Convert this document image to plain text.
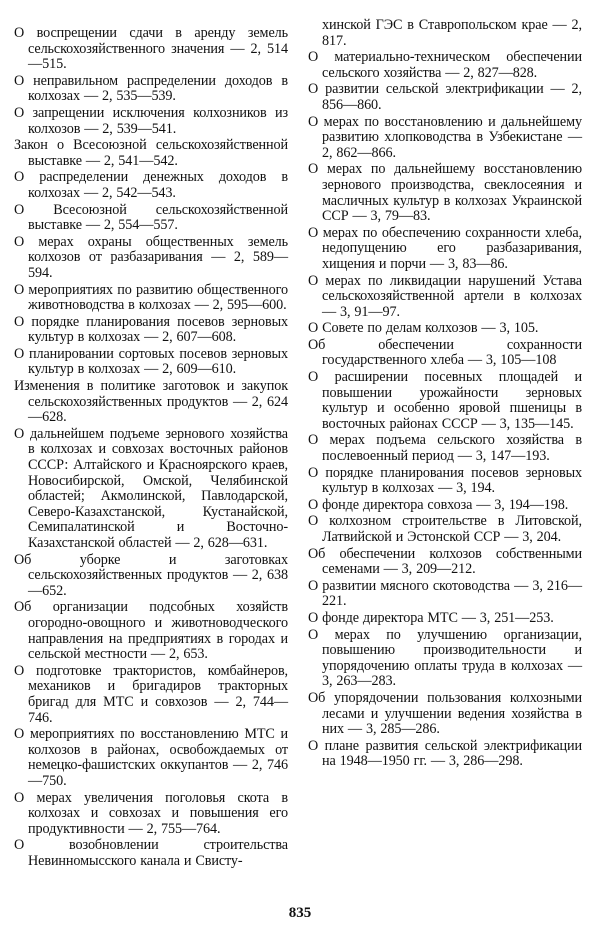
О воспрещении сдачи в аренду земель сельскохозяйственного значения — 2, 514—515.

О неправильном распределении доходов в колхозах — 2, 535—539.

О запрещении исключения колхозников из колхозов — 2, 539—541.

Закон о Всесоюзной сельскохозяйственной выставке — 2, 541—542.

О распределении денежных доходов в колхозах — 2, 542—543.

О Всесоюзной сельскохозяйственной выставке — 2, 554—557.

О мерах охраны общественных земель колхозов от разбазаривания — 2, 589—594.

О мероприятиях по развитию общественного животноводства в колхозах — 2, 595—600.

О порядке планирования посевов зерновых культур в колхозах — 2, 607—608.

О планировании сортовых посевов зерновых культур в колхозах — 2, 609—610.

Изменения в политике заготовок и закупок сельскохозяйственных продуктов — 2, 624—628.

О дальнейшем подъеме зернового хозяйства в колхозах и совхозах восточных районов СССР: Алтайского и Красноярского краев, Новосибирской, Омской, Челябинской областей; Акмолинской, Павлодарской, Северо-Казахстанской, Кустанайской, Семипалатинской и Восточно-Казахстанской областей — 2, 628—631.

Об уборке и заготовках сельскохозяйственных продуктов — 2, 638—652.

Об организации подсобных хозяйств огородно-овощного и животноводческого направления на предприятиях в городах и сельской местности — 2, 653.

О подготовке трактористов, комбайнеров, механиков и бригадиров тракторных бригад для МТС и совхозов — 2, 744—746.

О мероприятиях по восстановлению МТС и колхозов в районах, освобождаемых от немецко-фашистских оккупантов — 2, 746—750.

О мерах увеличения поголовья скота в колхозах и совхозах и повышения его продуктивности — 2, 755—764.

О возобновлении строительства Невинномысского канала и Свисту-

хинской ГЭС в Ставропольском крае — 2, 817.

О материально-техническом обеспечении сельского хозяйства — 2, 827—828.

О развитии сельской электрификации — 2, 856—860.

О мерах по восстановлению и дальнейшему развитию хлопководства в Узбекистане — 2, 862—866.

О мерах по дальнейшему восстановлению зернового производства, свеклосеяния и масличных культур в колхозах Украинской ССР — 3, 79—83.

О мерах по обеспечению сохранности хлеба, недопущению его разбазаривания, хищения и порчи — 3, 83—86.

О мерах по ликвидации нарушений Устава сельскохозяйственной артели в колхозах — 3, 91—97.

О Совете по делам колхозов — 3, 105.

Об обеспечении сохранности государственного хлеба — 3, 105—108

О расширении посевных площадей и повышении урожайности зерновых культур и особенно яровой пшеницы в восточных районах СССР — 3, 135—145.

О мерах подъема сельского хозяйства в послевоенный период — 3, 147—193.

О порядке планирования посевов зерновых культур в колхозах — 3, 194.

О фонде директора совхоза — 3, 194—198.

О колхозном строительстве в Литовской, Латвийской и Эстонской ССР — 3, 204.

Об обеспечении колхозов собственными семенами — 3, 209—212.

О развитии мясного скотоводства — 3, 216—221.

О фонде директора МТС — 3, 251—253.

О мерах по улучшению организации, повышению производительности и упорядочению оплаты труда в колхозах — 3, 263—283.

Об упорядочении пользования колхозными лесами и улучшении ведения хозяйства в них — 3, 285—286.

О плане развития сельской электрификации на 1948—1950 гг. — 3, 286—298.

835
